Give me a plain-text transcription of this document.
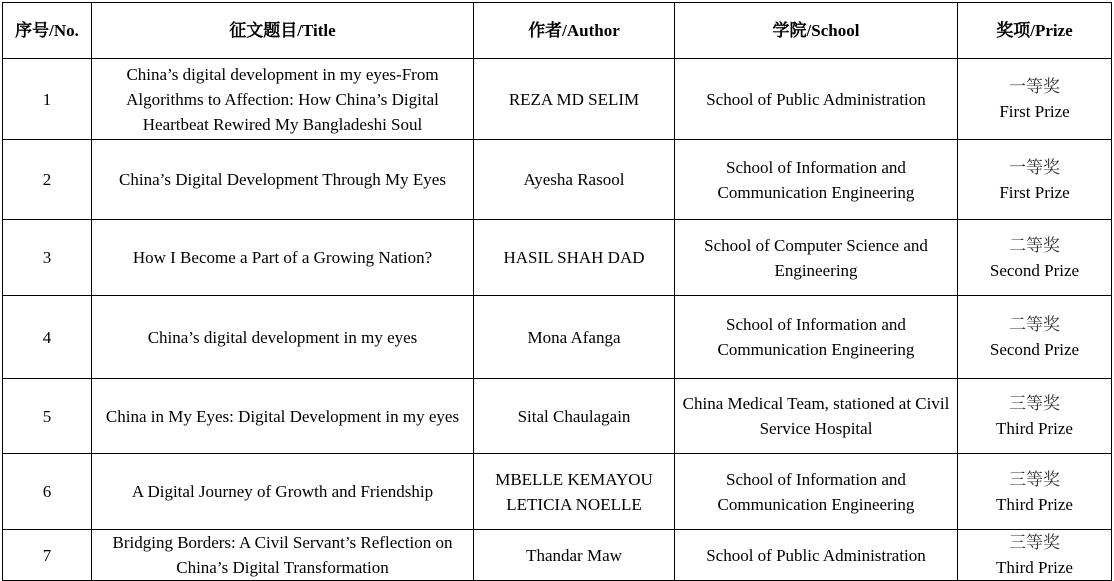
序号/No.	征文题目/Title	作者/Author	学院/School	奖项/Prize
1	China’s digital development in my eyes-From Algorithms to Affection: How China’s Digital Heartbeat Rewired My Bangladeshi Soul	REZA MD SELIM	School of Public Administration	一等奖
First Prize

2	China’s Digital Development Through My Eyes	Ayesha Rasool	School of Information and Communication Engineering	一等奖
First Prize

3	How I Become a Part of a Growing Nation?	HASIL SHAH DAD	School of Computer Science and Engineering	二等奖
Second Prize

4	China’s digital development in my eyes	Mona Afanga	School of Information and Communication Engineering	二等奖
Second Prize

5	China in My Eyes: Digital Development in my eyes	Sital Chaulagain	China Medical Team, stationed at Civil Service Hospital	三等奖
Third Prize

6	A Digital Journey of Growth and Friendship	MBELLE KEMAYOU LETICIA NOELLE	School of Information and Communication Engineering	三等奖
Third Prize

7	Bridging Borders: A Civil Servant’s Reflection on China’s Digital Transformation	Thandar Maw	School of Public Administration	三等奖
Third Prize
